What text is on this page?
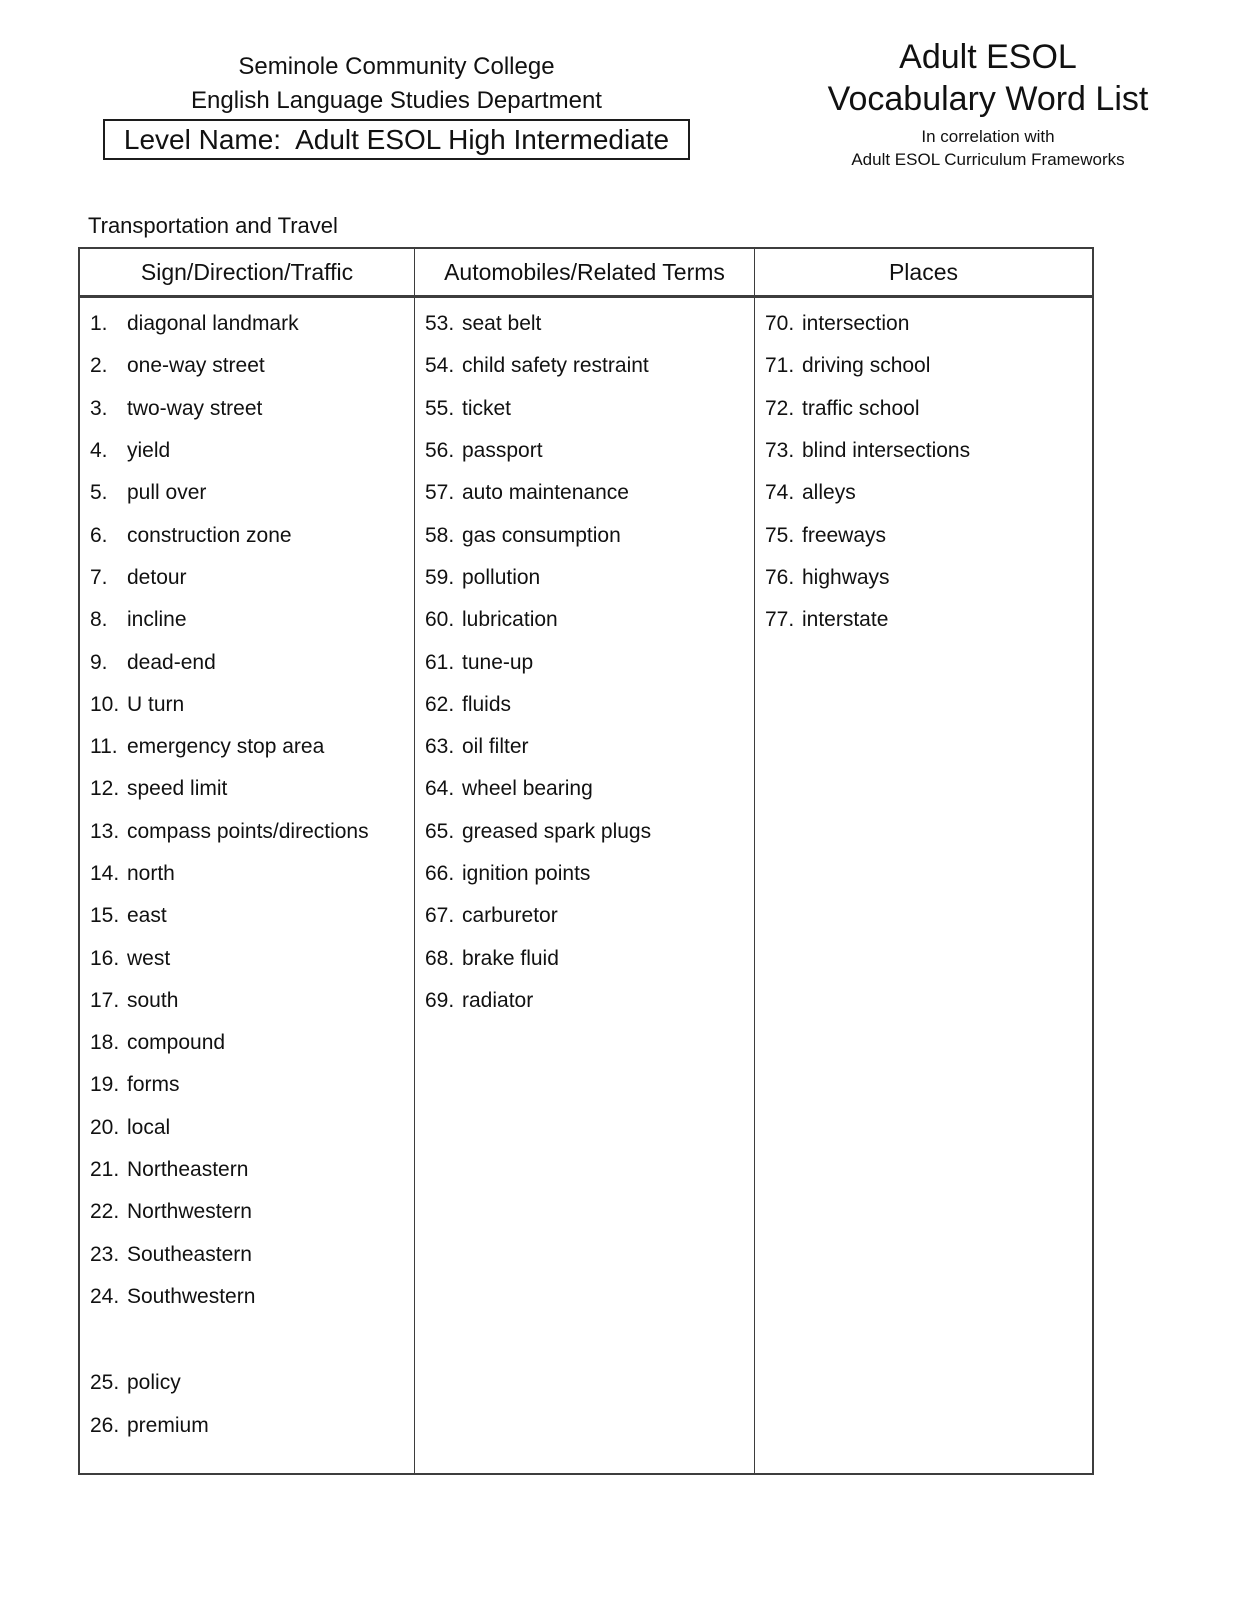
Seminole Community College
English Language Studies Department
Level Name:  Adult ESOL High Intermediate
Adult ESOL
Vocabulary Word List
In correlation with
Adult ESOL Curriculum Frameworks
Transportation and Travel
Sign/Direction/Traffic	Automobiles/Related Terms	Places
1. diagonal landmark
2. one-way street
3. two-way street
4. yield
5. pull over
6. construction zone
7. detour
8. incline
9. dead-end
10. U turn
11. emergency stop area
12. speed limit
13. compass points/directions
14. north
15. east
16. west
17. south
18. compound
19. forms
20. local
21. Northeastern
22. Northwestern
23. Southeastern
24. Southwestern
25. policy
26. premium
53. seat belt
54. child safety restraint
55. ticket
56. passport
57. auto maintenance
58. gas consumption
59. pollution
60. lubrication
61. tune-up
62. fluids
63. oil filter
64. wheel bearing
65. greased spark plugs
66. ignition points
67. carburetor
68. brake fluid
69. radiator
70. intersection
71. driving school
72. traffic school
73. blind intersections
74. alleys
75. freeways
76. highways
77. interstate
